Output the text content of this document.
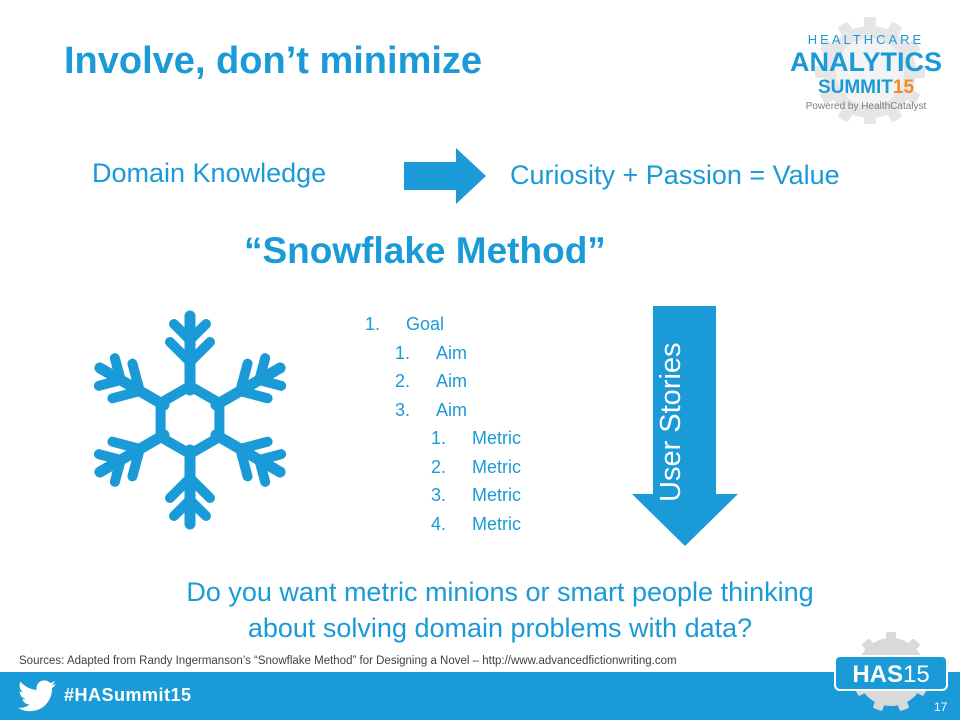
Involve, don’t minimize
HEALTHCARE
ANALYTICS
SUMMIT15
Powered by HealthCatalyst
Domain Knowledge	Curiosity + Passion = Value
“Snowflake Method”
1. Goal
1. Aim
2. Aim
3. Aim
1. Metric
2. Metric
3. Metric
4. Metric
User Stories
Do you want metric minions or smart people thinking
about solving domain problems with data?
Sources: Adapted from Randy Ingermanson’s “Snowflake Method” for Designing a Novel – http://www.advancedfictionwriting.com
#HASummit15
HAS15
17
